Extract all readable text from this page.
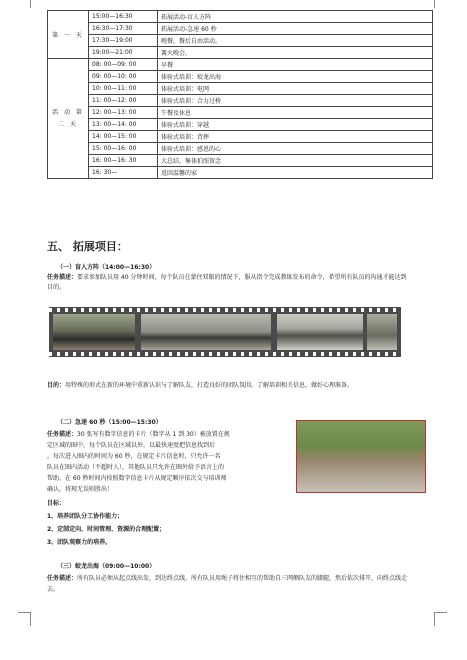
第 一 天	15:00—16:30	拓展活动-盲人方阵
	16:30—17:30	拓展活动-急速 60 秒
	17:30—19:00	晚餐，餐后自由活动。
	19:00—21:00	篝火晚会。
活 动 第 二 天	08: 00—09: 00	早餐
	09: 00—10: 00	体验式培训：蛟龙出海
	10: 00—11: 00	体验式培训：电网
	11: 00—12: 00	体验式培训：合力过桥
	12: 00—13: 00	午餐及休息
	13: 00—14: 00	体验式培训：穿越
	14: 00—15: 00	体验式培训：背摔
	15: 00—16: 00	体验式培训：感恩的心
	16: 00—16: 30	大总结、集体拍照留念
	16: 30—	返回温馨的家
五、 拓展项目：
（一）盲人方阵（14:00—16:30）
任务描述：要求参加队员用 40 分钟时间，每个队员在蒙住双眼的情况下，服从指令完成教练发布的命令，希望所有队员的沟通才能达到目的。
目的：用特殊的形式在新的环境中重新认识与了解队友，打造良好的团队氛围。了解培训相关信息，做好心理准备。
（二）急速 60 秒（15:00—15:30）
任务描述：30 张写有数字信息的卡片（数字从 1 到 30）被放置在规
定区域的圈中，每个队员在区域以外，以最快速度把信息找到后
，每次进入圈内的时间为 60 秒，在规定卡片信息时，只允许一名
队员在圈内活动（不超时人），其他队员只允许在圈外给予语言上的
帮助。在 60 秒时间内按照数字信息卡片从规定顺序依次交与培训师
确认，将现无误则胜出！
目标：
1、培养团队分工协作能力；
2、定制定向、时间管理、资源的合理配置；
3、团队观察力的培养。
（三）蛟龙出海（09:00—10:00）
任务描述：所有队员必须从起点线出发，到达终点线，所有队员用绳子将住相互的帮助自三网侧队友的膝腿，然后依次排开，向终点线走去。
